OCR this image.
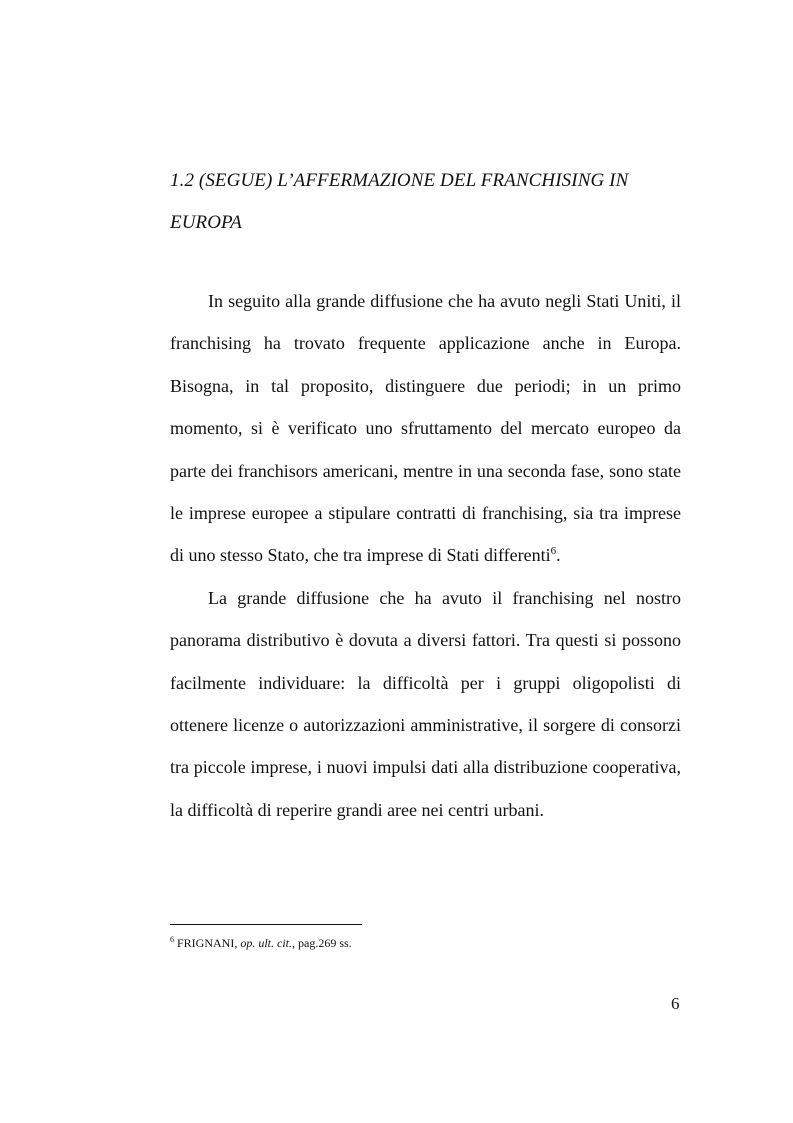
1.2 (SEGUE) L’AFFERMAZIONE DEL FRANCHISING IN
EUROPA

In seguito alla grande diffusione che ha avuto negli Stati Uniti, il franchising ha trovato frequente applicazione anche in Europa. Bisogna, in tal proposito, distinguere due periodi; in un primo momento, si è verificato uno sfruttamento del mercato europeo da parte dei franchisors americani, mentre in una seconda fase, sono state le imprese europee a stipulare contratti di franchising, sia tra imprese di uno stesso Stato, che tra imprese di Stati differenti$^6$.

La grande diffusione che ha avuto il franchising nel nostro panorama distributivo è dovuta a diversi fattori. Tra questi si possono facilmente individuare: la difficoltà per i gruppi oligopolisti di ottenere licenze o autorizzazioni amministrative, il sorgere di consorzi tra piccole imprese, i nuovi impulsi dati alla distribuzione cooperativa, la difficoltà di reperire grandi aree nei centri urbani.

$^6$ FRIGNANI, op. ult. cit., pag.269 ss.
6
